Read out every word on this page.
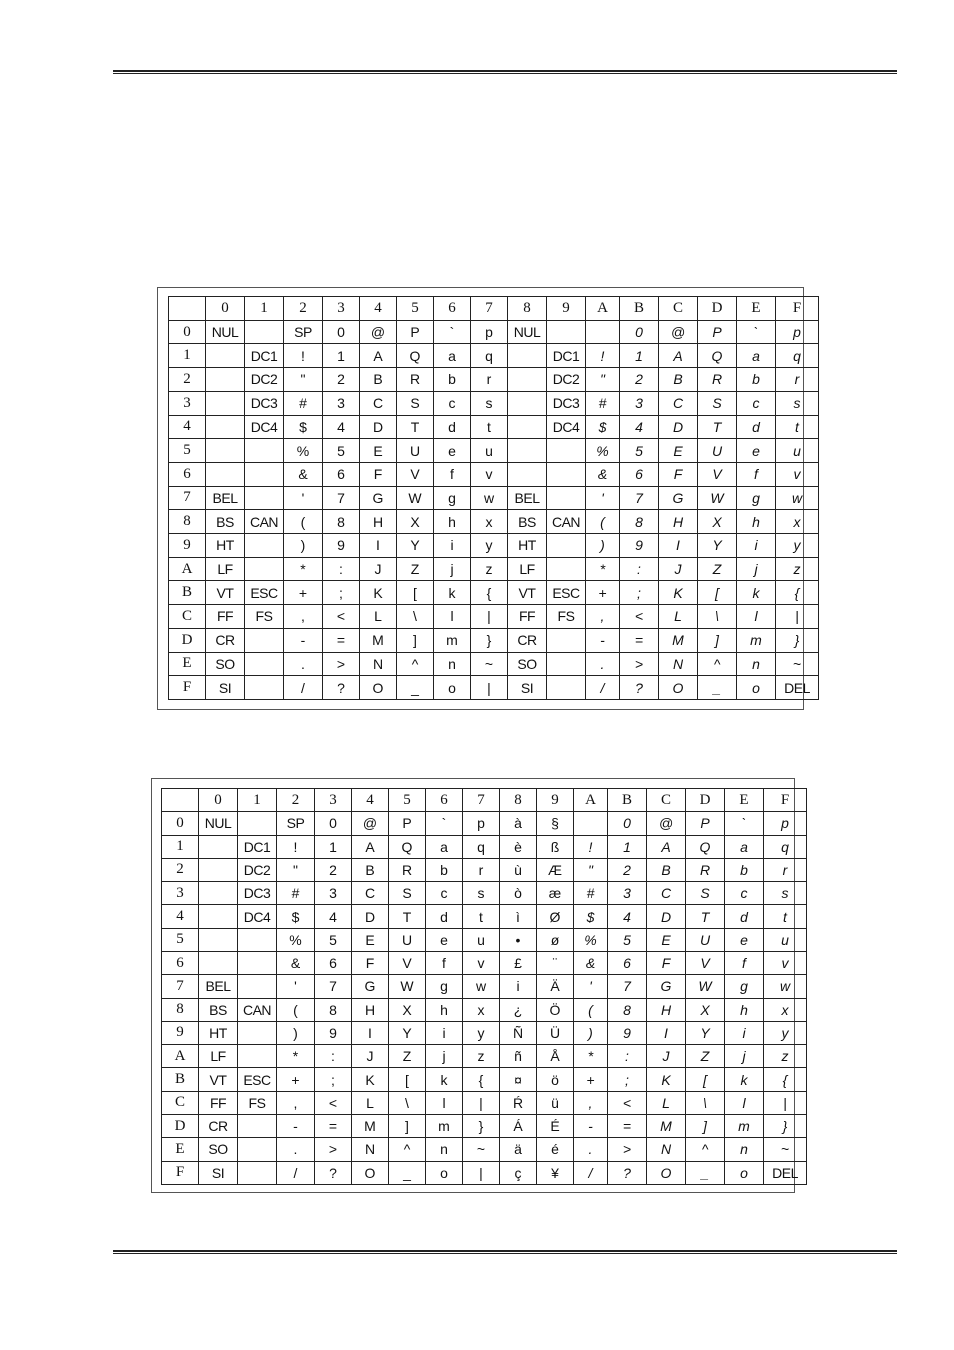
	0	1	2	3	4	5	6	7	8	9	A	B	C	D	E	F
0	NUL		SP	0	@	P	`	p	NUL			0	@	P	`	p
1		DC1	!	1	A	Q	a	q		DC1	!	1	A	Q	a	q
2		DC2	"	2	B	R	b	r		DC2	"	2	B	R	b	r
3		DC3	#	3	C	S	c	s		DC3	#	3	C	S	c	s
4		DC4	$	4	D	T	d	t		DC4	$	4	D	T	d	t
5			%	5	E	U	e	u			%	5	E	U	e	u
6			&	6	F	V	f	v			&	6	F	V	f	v
7	BEL		'	7	G	W	g	w	BEL		'	7	G	W	g	w
8	BS	CAN	(	8	H	X	h	x	BS	CAN	(	8	H	X	h	x
9	HT		)	9	I	Y	i	y	HT		)	9	I	Y	i	y
A	LF		*	:	J	Z	j	z	LF		*	:	J	Z	j	z
B	VT	ESC	+	;	K	[	k	{	VT	ESC	+	;	K	[	k	{
C	FF	FS	,	<	L	\	l	|	FF	FS	,	<	L	\	l	|
D	CR		-	=	M	]	m	}	CR		-	=	M	]	m	}
E	SO		.	>	N	^	n	~	SO		.	>	N	^	n	~
F	SI		/	?	O	_	o	|	SI		/	?	O	_	o	DEL
	0	1	2	3	4	5	6	7	8	9	A	B	C	D	E	F
0	NUL		SP	0	@	P	`	p	à	§		0	@	P	`	p
1		DC1	!	1	A	Q	a	q	è	ß	!	1	A	Q	a	q
2		DC2	"	2	B	R	b	r	ù	Æ	"	2	B	R	b	r
3		DC3	#	3	C	S	c	s	ò	æ	#	3	C	S	c	s
4		DC4	$	4	D	T	d	t	ì	Ø	$	4	D	T	d	t
5			%	5	E	U	e	u	•	ø	%	5	E	U	e	u
6			&	6	F	V	f	v	£	¨	&	6	F	V	f	v
7	BEL		'	7	G	W	g	w	i	Ä	'	7	G	W	g	w
8	BS	CAN	(	8	H	X	h	x	¿	Ö	(	8	H	X	h	x
9	HT		)	9	I	Y	i	y	Ñ	Ü	)	9	I	Y	i	y
A	LF		*	:	J	Z	j	z	ñ	Å	*	:	J	Z	j	z
B	VT	ESC	+	;	K	[	k	{	¤	ö	+	;	K	[	k	{
C	FF	FS	,	<	L	\	l	|	Ŕ	ü	,	<	L	\	l	|
D	CR		-	=	M	]	m	}	Á	É	-	=	M	]	m	}
E	SO		.	>	N	^	n	~	ä	é	.	>	N	^	n	~
F	SI		/	?	O	_	o	|	ç	¥	/	?	O	_	o	DEL
